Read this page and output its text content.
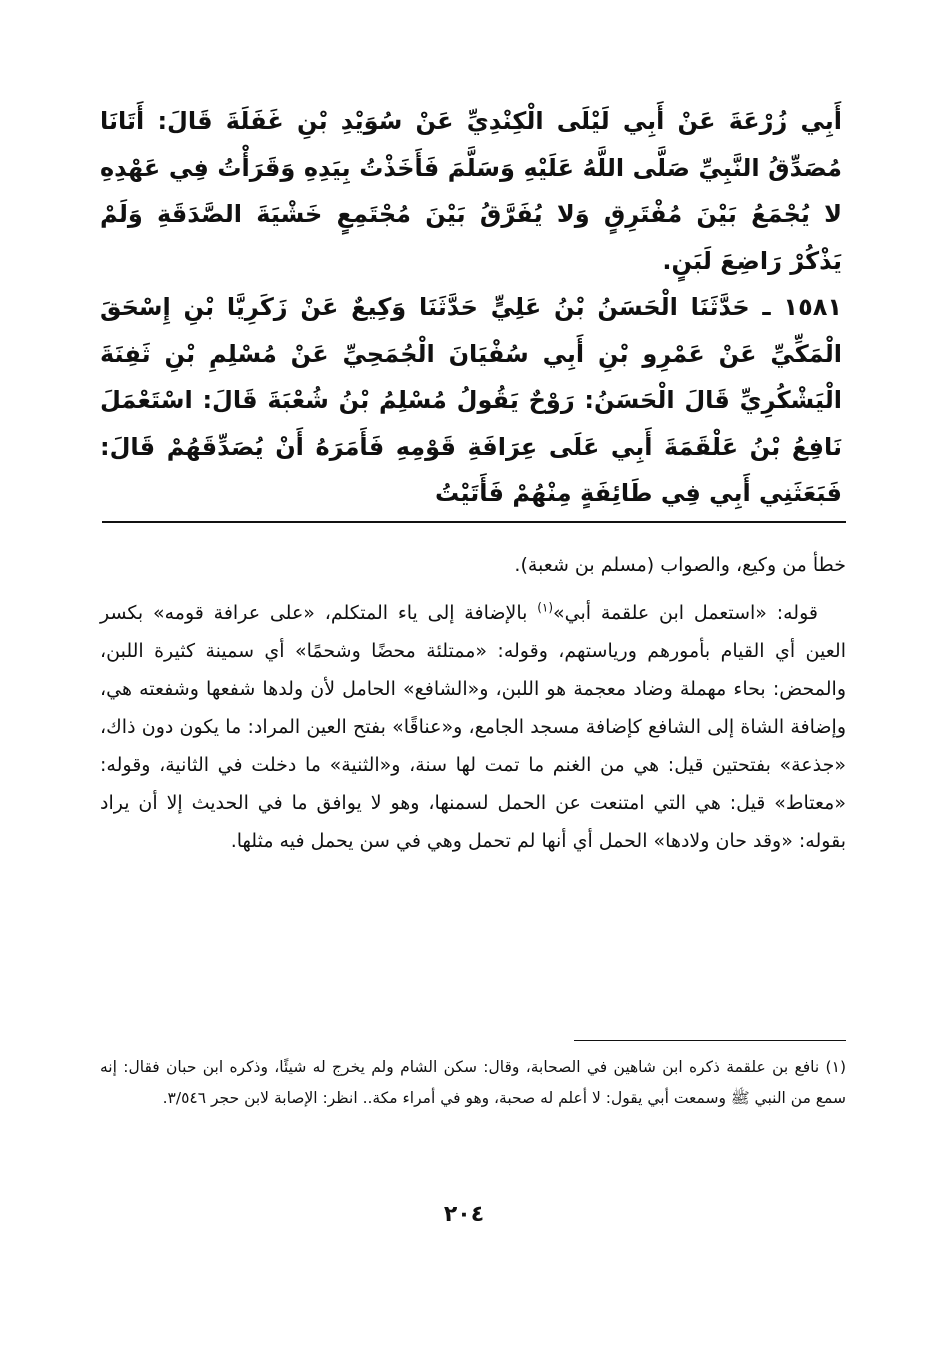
أَبِي زُرْعَةَ عَنْ أَبِي لَيْلَى الْكِنْدِيِّ عَنْ سُوَيْدِ بْنِ غَفَلَةَ قَالَ: أَتَانَا مُصَدِّقُ النَّبِيِّ صَلَّى اللَّهُ عَلَيْهِ وَسَلَّمَ فَأَخَذْتُ بِيَدِهِ وَقَرَأْتُ فِي عَهْدِهِ لا يُجْمَعُ بَيْنَ مُفْتَرِقٍ وَلا يُفَرَّقُ بَيْنَ مُجْتَمِعٍ خَشْيَةَ الصَّدَقَةِ وَلَمْ يَذْكُرْ رَاضِعَ لَبَنٍ.

١٥٨١ ـ حَدَّثَنَا الْحَسَنُ بْنُ عَلِيٍّ حَدَّثَنَا وَكِيعٌ عَنْ زَكَرِيَّا بْنِ إِسْحَقَ الْمَكِّيِّ عَنْ عَمْرِو بْنِ أَبِي سُفْيَانَ الْجُمَحِيِّ عَنْ مُسْلِمِ بْنِ ثَفِنَةَ الْيَشْكُرِيِّ قَالَ الْحَسَنُ: رَوْحٌ يَقُولُ مُسْلِمُ بْنُ شُعْبَةَ قَالَ: اسْتَعْمَلَ نَافِعُ بْنُ عَلْقَمَةَ أَبِي عَلَى عِرَافَةِ قَوْمِهِ فَأَمَرَهُ أَنْ يُصَدِّقَهُمْ قَالَ: فَبَعَثَنِي أَبِي فِي طَائِفَةٍ مِنْهُمْ فَأَتَيْتُ

خطأ من وكيع، والصواب (مسلم بن شعبة).

قوله: «استعمل ابن علقمة أبي»$^{(١)}$ بالإضافة إلى ياء المتكلم، «على عرافة قومه» بكسر العين أي القيام بأمورهم ورياستهم، وقوله: «ممتلئة محضًا وشحمًا» أي سمينة كثيرة اللبن، والمحض: بحاء مهملة وضاد معجمة هو اللبن، و«الشافع» الحامل لأن ولدها شفعها وشفعته هي، وإضافة الشاة إلى الشافع كإضافة مسجد الجامع، و«عناقًا» بفتح العين المراد: ما يكون دون ذاك، «جذعة» بفتحتين قيل: هي من الغنم ما تمت لها سنة، و«الثنية» ما دخلت في الثانية، وقوله: «معتاط» قيل: هي التي امتنعت عن الحمل لسمنها، وهو لا يوافق ما في الحديث إلا أن يراد بقوله: «وقد حان ولادها» الحمل أي أنها لم تحمل وهي في سن يحمل فيه مثلها.

(١) نافع بن علقمة ذكره ابن شاهين في الصحابة، وقال: سكن الشام ولم يخرج له شيئًا، وذكره ابن حبان فقال: إنه سمع من النبي ﷺ وسمعت أبي يقول: لا أعلم له صحبة، وهو في أمراء مكة.. انظر: الإصابة لابن حجر ٣/٥٤٦.

٢٠٤
